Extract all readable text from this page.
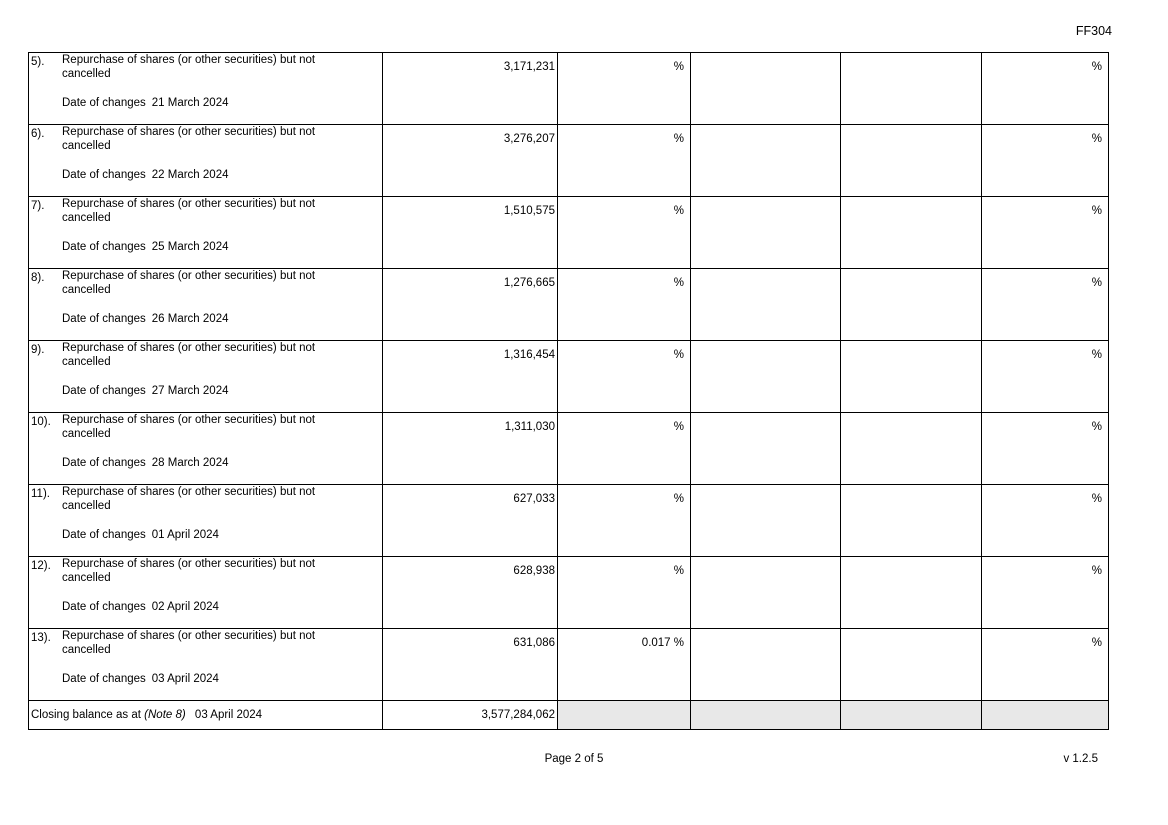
FF304
5). Repurchase of shares (or other securities) but not cancelled
Date of changes 21 March 2024	3,171,231	%			%

6). Repurchase of shares (or other securities) but not cancelled
Date of changes 22 March 2024	3,276,207	%			%

7). Repurchase of shares (or other securities) but not cancelled
Date of changes 25 March 2024	1,510,575	%			%

8). Repurchase of shares (or other securities) but not cancelled
Date of changes 26 March 2024	1,276,665	%			%

9). Repurchase of shares (or other securities) but not cancelled
Date of changes 27 March 2024	1,316,454	%			%

10). Repurchase of shares (or other securities) but not cancelled
Date of changes 28 March 2024	1,311,030	%			%

11). Repurchase of shares (or other securities) but not cancelled
Date of changes 01 April 2024	627,033	%			%

12). Repurchase of shares (or other securities) but not cancelled
Date of changes 02 April 2024	628,938	%			%

13). Repurchase of shares (or other securities) but not cancelled
Date of changes 03 April 2024	631,086	0.017 %			%
Closing balance as at (Note 8) 03 April 2024	3,577,284,062				
Page 2 of 5	v 1.2.5
